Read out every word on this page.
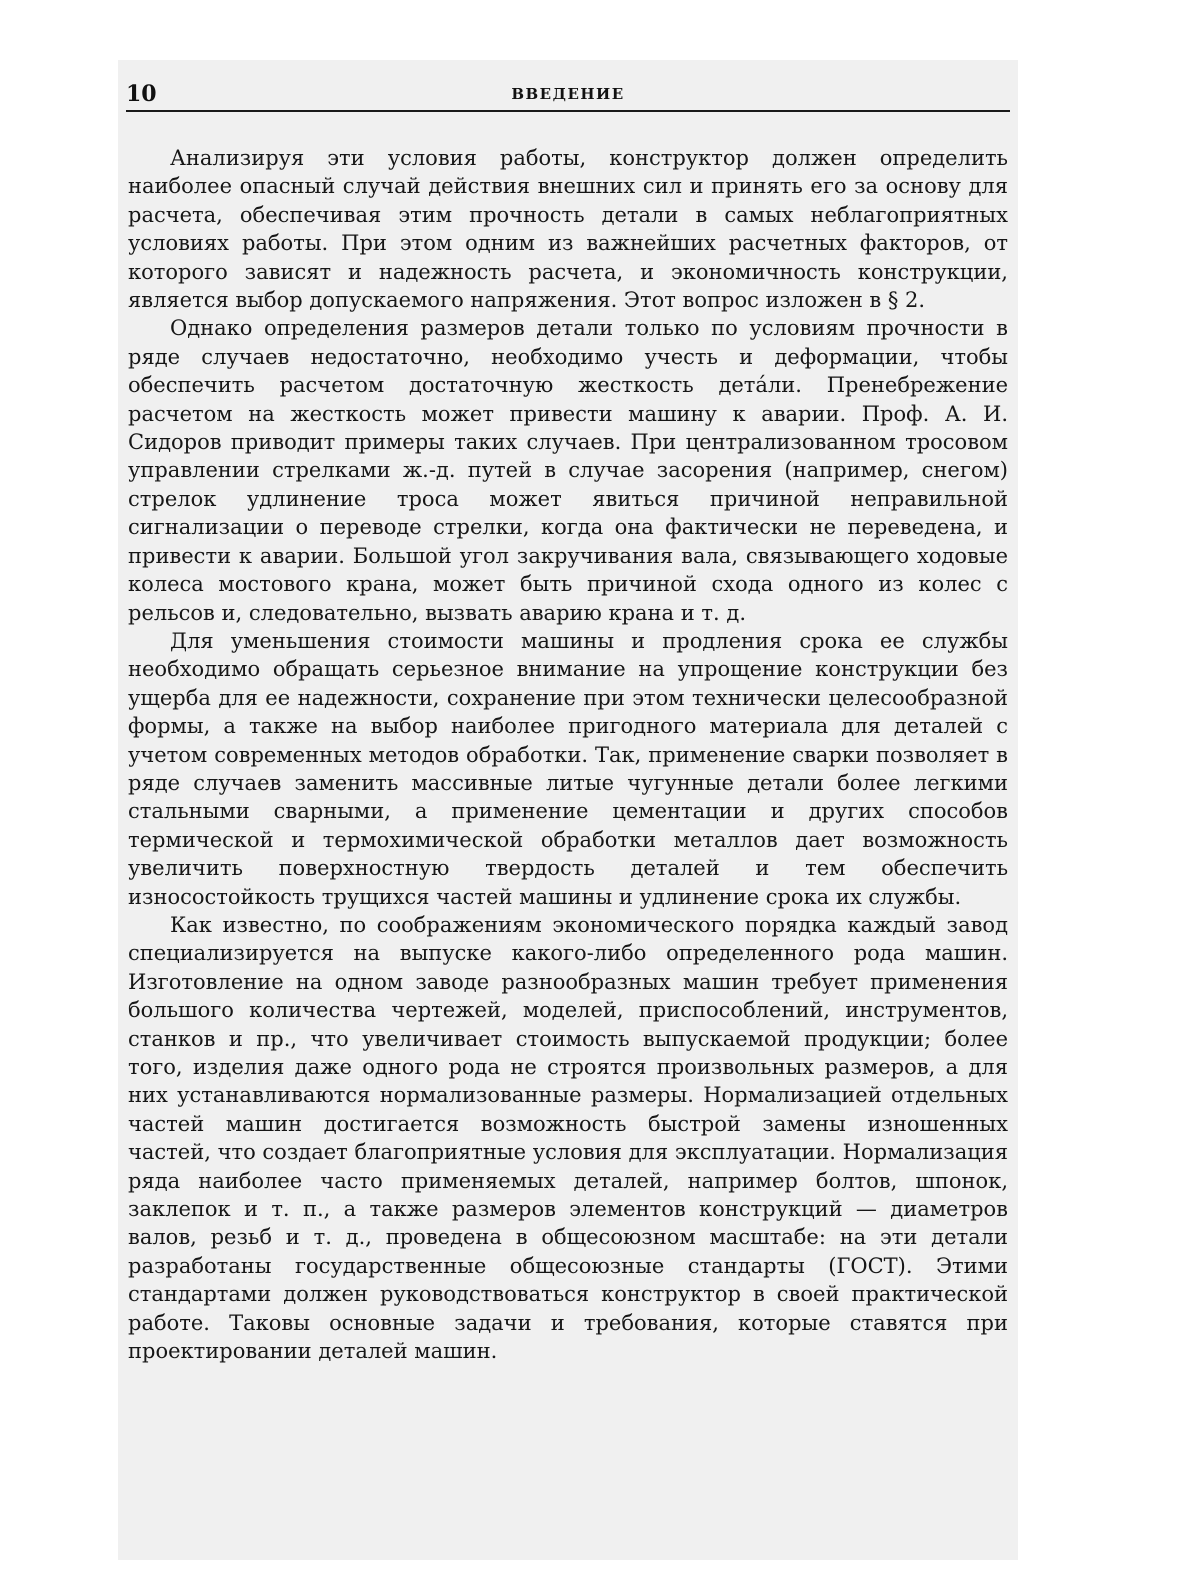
10	ВВЕДЕНИЕ

Анализируя эти условия работы, конструктор должен определить наиболее опасный случай действия внешних сил и принять его за основу для расчета, обеспечивая этим прочность детали в самых неблагоприятных условиях работы. При этом одним из важнейших расчетных факторов, от которого зависят и надежность расчета, и экономичность конструкции, является выбор допускаемого напряжения. Этот вопрос изложен в § 2.

Однако определения размеров детали только по условиям прочности в ряде случаев недостаточно, необходимо учесть и деформации, чтобы обеспечить расчетом достаточную жесткость детáли. Пренебрежение расчетом на жесткость может привести машину к аварии. Проф. А. И. Сидоров приводит примеры таких случаев. При централизованном тросовом управлении стрелками ж.-д. путей в случае засорения (например, снегом) стрелок удлинение троса может явиться причиной неправильной сигнализации о переводе стрелки, когда она фактически не переведена, и привести к аварии. Большой угол закручивания вала, связывающего ходовые колеса мостового крана, может быть причиной схода одного из колес с рельсов и, следовательно, вызвать аварию крана и т. д.

Для уменьшения стоимости машины и продления срока ее службы необходимо обращать серьезное внимание на упрощение конструкции без ущерба для ее надежности, сохранение при этом технически целесообразной формы, а также на выбор наиболее пригодного материала для деталей с учетом современных методов обработки. Так, применение сварки позволяет в ряде случаев заменить массивные литые чугунные детали более легкими стальными сварными, а применение цементации и других способов термической и термохимической обработки металлов дает возможность увеличить поверхностную твердость деталей и тем обеспечить износостойкость трущихся частей машины и удлинение срока их службы.

Как известно, по соображениям экономического порядка каждый завод специализируется на выпуске какого-либо определенного рода машин. Изготовление на одном заводе разнообразных машин требует применения большого количества чертежей, моделей, приспособлений, инструментов, станков и пр., что увеличивает стоимость выпускаемой продукции; более того, изделия даже одного рода не строятся произвольных размеров, а для них устанавливаются нормализованные размеры. Нормализацией отдельных частей машин достигается возможность быстрой замены изношенных частей, что создает благоприятные условия для эксплуатации. Нормализация ряда наиболее часто применяемых деталей, например болтов, шпонок, заклепок и т. п., а также размеров элементов конструкций — диаметров валов, резьб и т. д., проведена в общесоюзном масштабе: на эти детали разработаны государственные общесоюзные стандарты (ГОСТ). Этими стандартами должен руководствоваться конструктор в своей практической работе. Таковы основные задачи и требования, которые ставятся при проектировании деталей машин.
